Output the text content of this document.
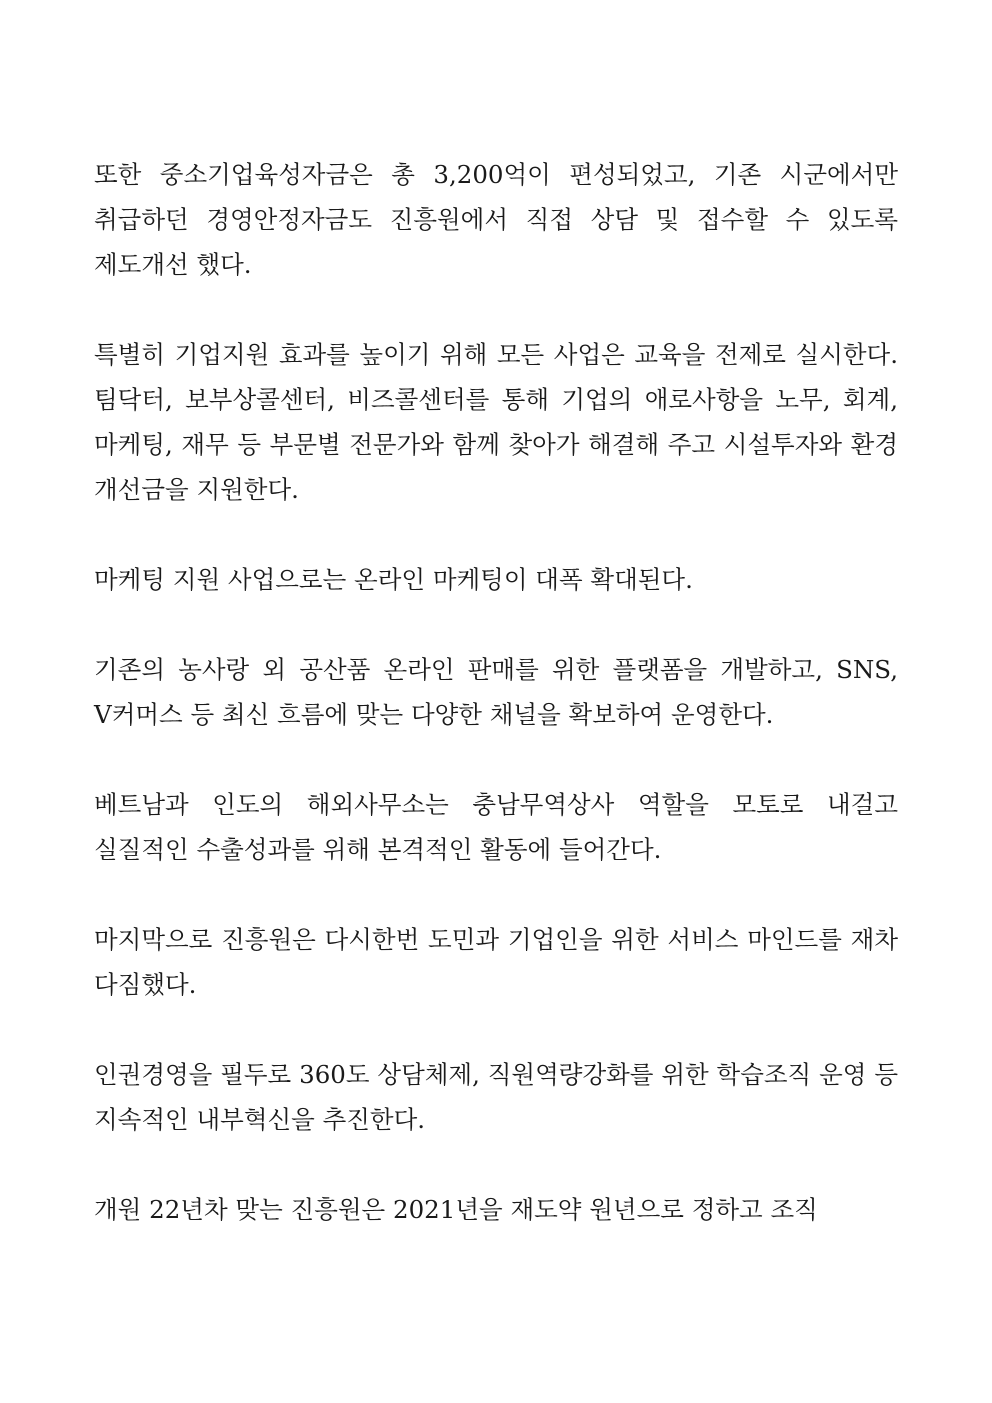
또한 중소기업육성자금은 총 3,200억이 편성되었고, 기존 시군에서만 취급하던 경영안정자금도 진흥원에서 직접 상담 및 접수할 수 있도록 제도개선 했다.

특별히 기업지원 효과를 높이기 위해 모든 사업은 교육을 전제로 실시한다. 팀닥터, 보부상콜센터, 비즈콜센터를 통해 기업의 애로사항을 노무, 회계, 마케팅, 재무 등 부문별 전문가와 함께 찾아가 해결해 주고 시설투자와 환경 개선금을 지원한다.

마케팅 지원 사업으로는 온라인 마케팅이 대폭 확대된다.

기존의 농사랑 외 공산품 온라인 판매를 위한 플랫폼을 개발하고, SNS, V커머스 등 최신 흐름에 맞는 다양한 채널을 확보하여 운영한다.

베트남과 인도의 해외사무소는 충남무역상사 역할을 모토로 내걸고 실질적인 수출성과를 위해 본격적인 활동에 들어간다.

마지막으로 진흥원은 다시한번 도민과 기업인을 위한 서비스 마인드를 재차 다짐했다.

인권경영을 필두로 360도 상담체제, 직원역량강화를 위한 학습조직 운영 등 지속적인 내부혁신을 추진한다.

개원 22년차 맞는 진흥원은 2021년을 재도약 원년으로 정하고 조직
